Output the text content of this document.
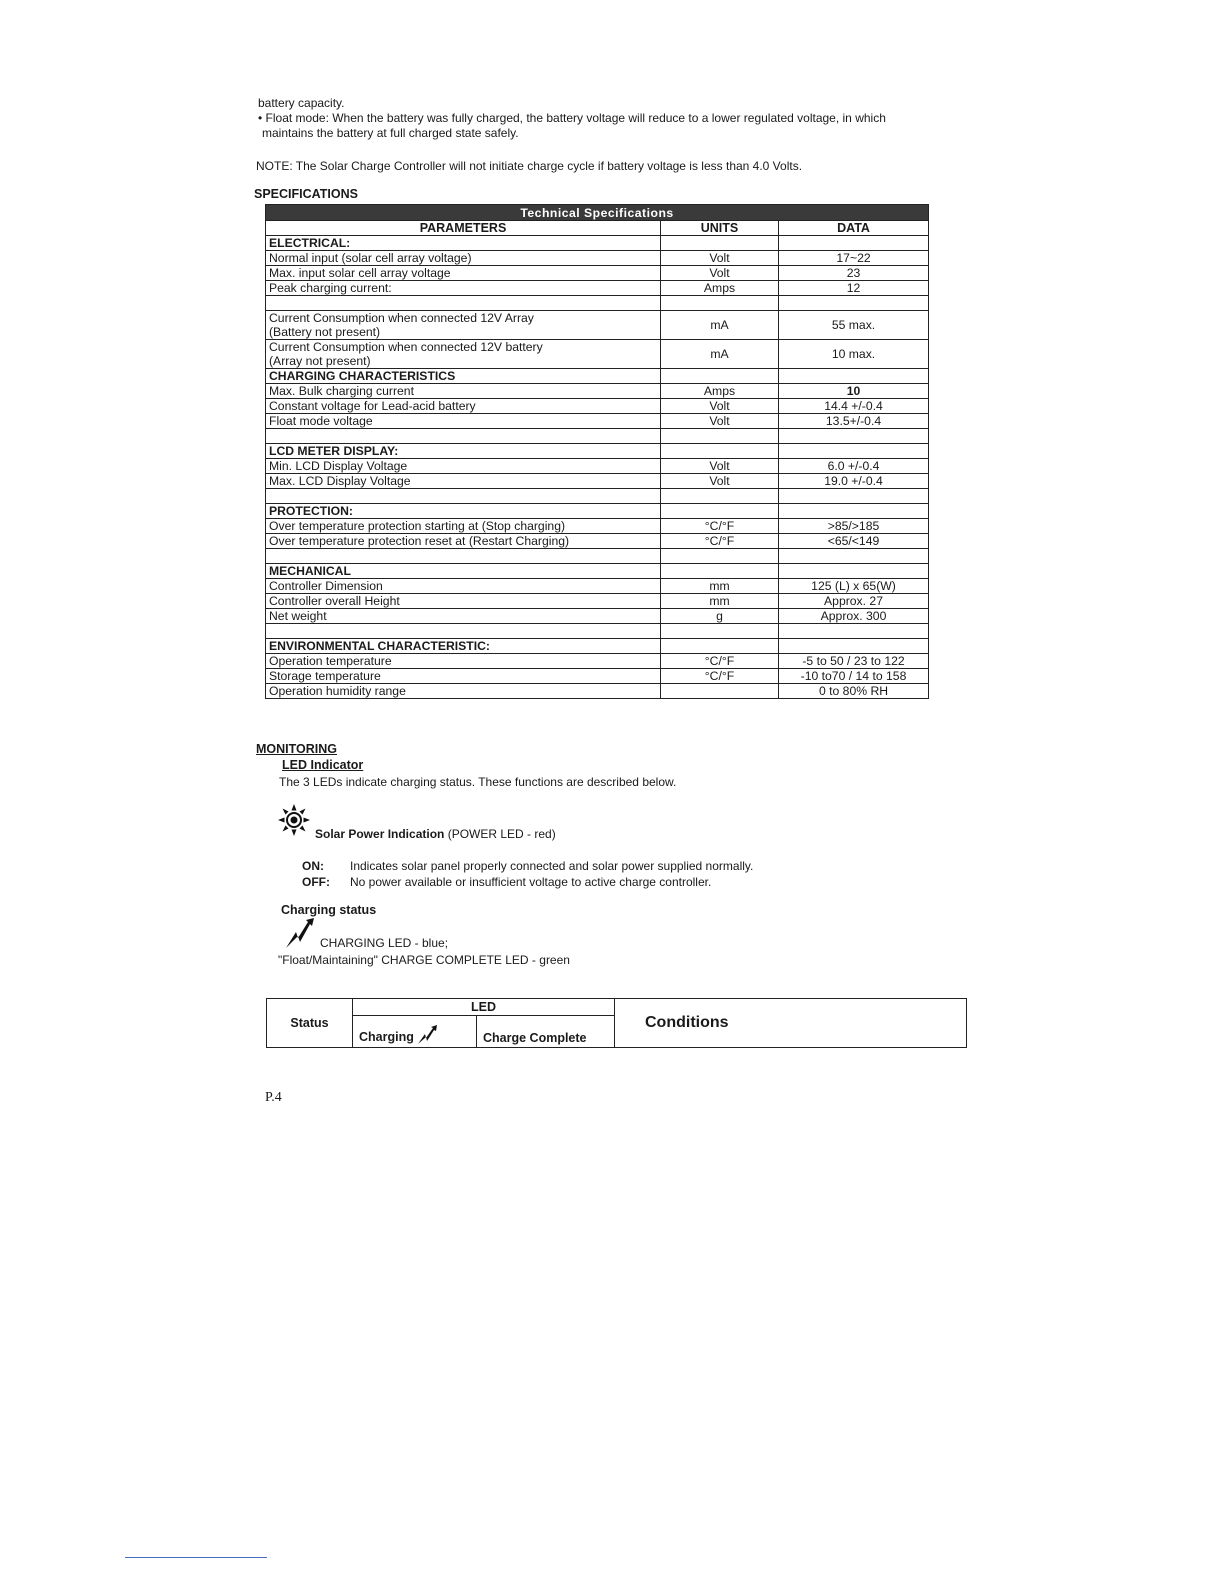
battery capacity.

• Float mode: When the battery was fully charged, the battery voltage will reduce to a lower regulated voltage, in which

maintains the battery at full charged state safely.

NOTE: The Solar Charge Controller will not initiate charge cycle if battery voltage is less than 4.0 Volts.
SPECIFICATIONS
Technical Specifications		
PARAMETERS	UNITS	DATA
ELECTRICAL:		
Normal input (solar cell array voltage)	Volt	17~22
Max. input solar cell array voltage	Volt	23
Peak charging current:	Amps	12

Current Consumption when connected 12V Array
(Battery not present)	mA	55 max.

Current Consumption when connected 12V battery
(Array not present)	mA	10 max.
CHARGING CHARACTERISTICS		
Max. Bulk charging current	Amps	10
Constant voltage for Lead-acid battery	Volt	14.4 +/-0.4
Float mode voltage	Volt	13.5+/-0.4

LCD METER DISPLAY:		
Min. LCD Display Voltage	Volt	6.0 +/-0.4
Max. LCD Display Voltage	Volt	19.0 +/-0.4

PROTECTION:		
Over temperature protection starting at (Stop charging)	°C/°F	>85/>185
Over temperature protection reset at (Restart Charging)	°C/°F	<65/<149

MECHANICAL		
Controller Dimension	mm	125 (L) x 65(W)
Controller overall Height	mm	Approx. 27
Net weight	g	Approx. 300

ENVIRONMENTAL CHARACTERISTIC:		
Operation temperature	°C/°F	-5 to 50 / 23 to 122
Storage temperature	°C/°F	-10 to70 / 14 to 158
Operation humidity range		0 to 80% RH
MONITORING
LED Indicator
The 3 LEDs indicate charging status. These functions are described below.
Solar Power Indication (POWER LED - red)
ON: Indicates solar panel properly connected and solar power supplied normally.
OFF: No power available or insufficient voltage to active charge controller.
Charging status
CHARGING LED - blue;
"Float/Maintaining" CHARGE COMPLETE LED - green
Status	LED		Conditions
	Charging	Charge Complete	
P.4
